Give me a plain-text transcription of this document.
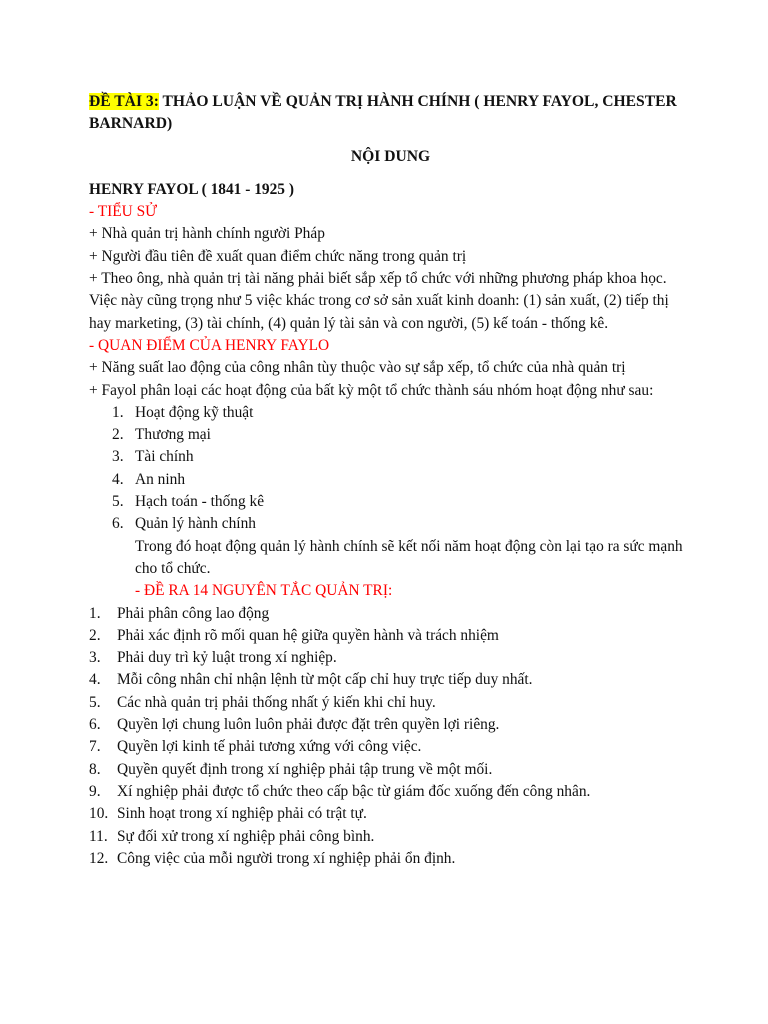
ĐỀ TÀI 3: THẢO LUẬN VỀ QUẢN TRỊ HÀNH CHÍNH ( HENRY FAYOL, CHESTER BARNARD)
NỘI DUNG
HENRY FAYOL ( 1841 - 1925 )
- TIỂU SỬ

+ Nhà quản trị hành chính người Pháp

+ Người đầu tiên đề xuất quan điểm chức năng trong quản trị

+ Theo ông, nhà quản trị tài năng phải biết sắp xếp tổ chức với những phương pháp khoa học. Việc này cũng trọng như 5 việc khác trong cơ sở sản xuất kinh doanh: (1) sản xuất, (2) tiếp thị hay marketing, (3) tài chính, (4) quản lý tài sản và con người, (5) kế toán - thống kê.

- QUAN ĐIỂM CỦA HENRY FAYLO

+ Năng suất lao động của công nhân tùy thuộc vào sự sắp xếp, tổ chức của nhà quản trị

+ Fayol phân loại các hoạt động của bất kỳ một tổ chức thành sáu nhóm hoạt động như sau:

1. Hoạt động kỹ thuật
2. Thương mại
3. Tài chính
4. An ninh
5. Hạch toán - thống kê
6. Quản lý hành chính

Trong đó hoạt động quản lý hành chính sẽ kết nối năm hoạt động còn lại tạo ra sức mạnh cho tổ chức.

- ĐỀ RA 14 NGUYÊN TẮC QUẢN TRỊ:

1.	Phải phân công lao động
2.	Phải xác định rõ mối quan hệ giữa quyền hành và trách nhiệm
3.	Phải duy trì kỷ luật trong xí nghiệp.
4.	Mỗi công nhân chỉ nhận lệnh từ một cấp chỉ huy trực tiếp duy nhất.
5.	Các nhà quản trị phải thống nhất ý kiến khi chỉ huy.
6.	Quyền lợi chung luôn luôn phải được đặt trên quyền lợi riêng.
7.	Quyền lợi kinh tế phải tương xứng với công việc.
8.	Quyền quyết định trong xí nghiệp phải tập trung về một mối.
9.	Xí nghiệp phải được tổ chức theo cấp bậc từ giám đốc xuống đến công nhân.
10. Sinh hoạt trong xí nghiệp phải có trật tự.
11. Sự đối xử trong xí nghiệp phải công bình.
12. Công việc của mỗi người trong xí nghiệp phải ổn định.
